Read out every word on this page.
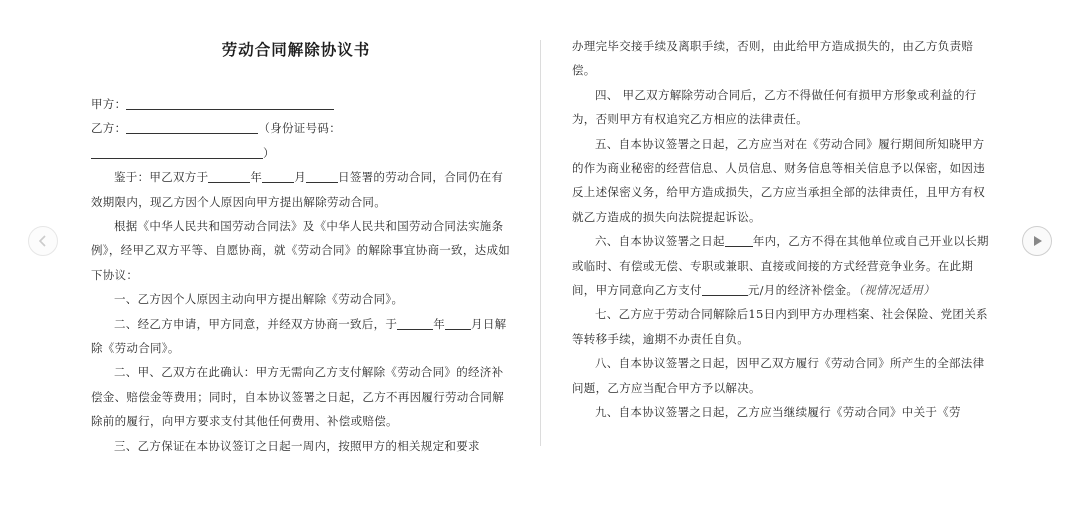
劳动合同解除协议书

甲方：

乙方：	（身份证号码：）

鉴于：甲乙双方于	年	月	日签署的劳动合同，合同仍在有效期限内，现乙方因个人原因向甲方提出解除劳动合同。

根据《中华人民共和国劳动合同法》及《中华人民共和国劳动合同法实施条例》，经甲乙双方平等、自愿协商，就《劳动合同》的解除事宜协商一致，达成如下协议：

一、乙方因个人原因主动向甲方提出解除《劳动合同》。

二、经乙方申请，甲方同意，并经双方协商一致后，于	年 月日解除《劳动合同》。

二、甲、乙双方在此确认：甲方无需向乙方支付解除《劳动合同》的经济补偿金、赔偿金等费用；同时，自本协议签署之日起，乙方不再因履行劳动合同解除前的履行，向甲方要求支付其他任何费用、补偿或赔偿。

三、乙方保证在本协议签订之日起一周内，按照甲方的相关规定和要求

办理完毕交接手续及离职手续，否则，由此给甲方造成损失的，由乙方负责赔偿。

四、 甲乙双方解除劳动合同后，乙方不得做任何有损甲方形象或利益的行为，否则甲方有权追究乙方相应的法律责任。

五、自本协议签署之日起，乙方应当对在《劳动合同》履行期间所知晓甲方的作为商业秘密的经营信息、人员信息、财务信息等相关信息予以保密，如因违反上述保密义务，给甲方造成损失，乙方应当承担全部的法律责任，且甲方有权就乙方造成的损失向法院提起诉讼。

六、自本协议签署之日起 年内，乙方不得在其他单位或自己开业以长期或临时、有偿或无偿、专职或兼职、直接或间接的方式经营竞争业务。在此期间，甲方同意向乙方支付	元/月的经济补偿金。（视情况适用）

七、乙方应于劳动合同解除后15日内到甲方办理档案、社会保险、党团关系等转移手续，逾期不办责任自负。

八、自本协议签署之日起，因甲乙双方履行《劳动合同》所产生的全部法律问题，乙方应当配合甲方予以解决。

九、自本协议签署之日起，乙方应当继续履行《劳动合同》中关于《劳
